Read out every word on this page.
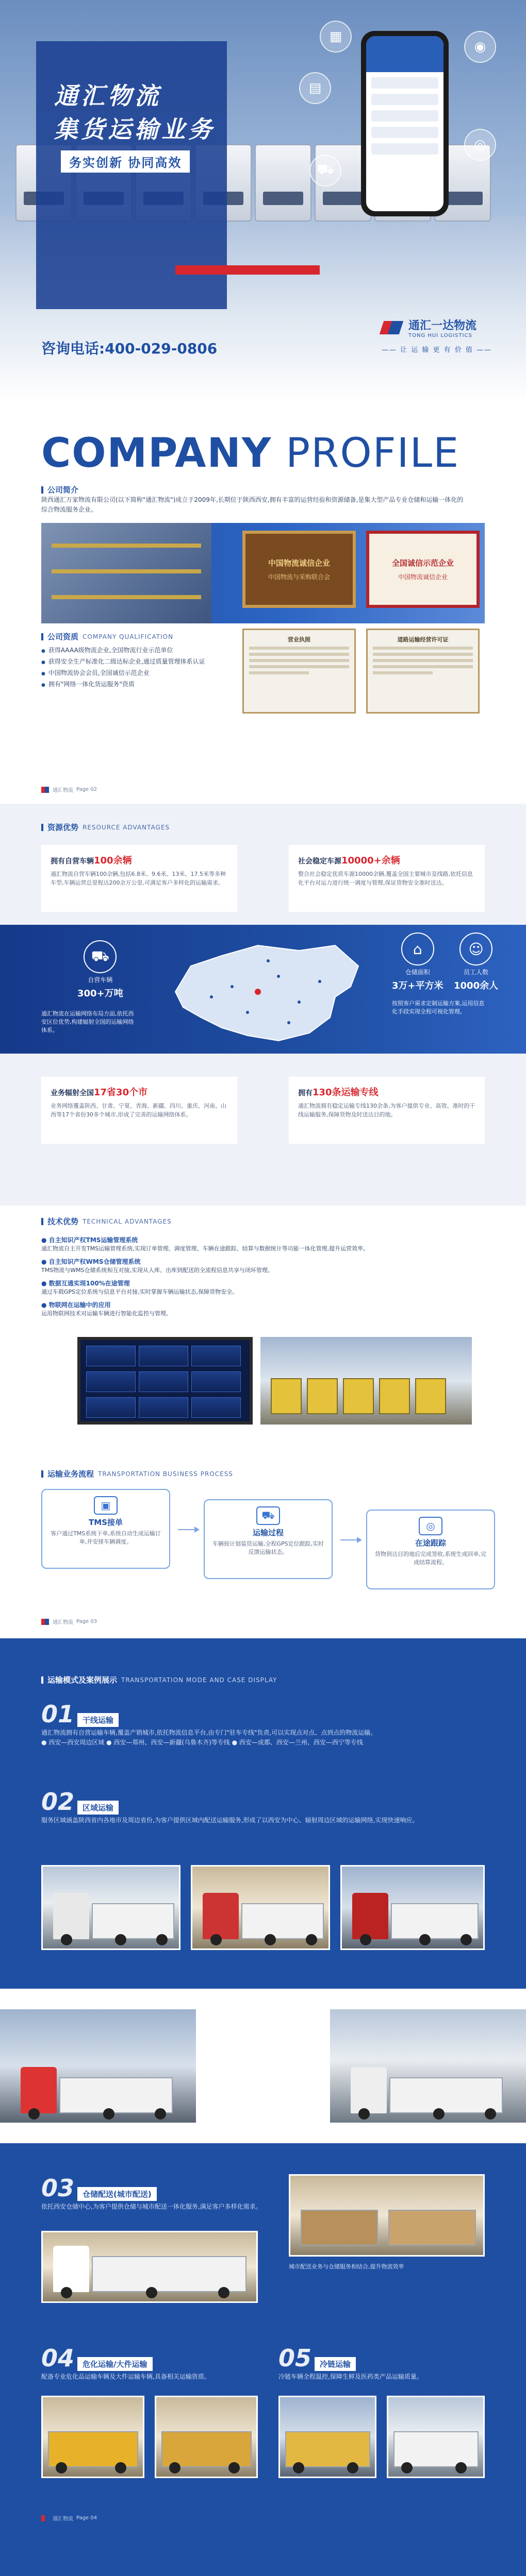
通汇物流
集货运输业务
务实创新 协同高效
▦
▤
◉
◎
⛟
咨询电话:400-029-0806
通汇一达物流
TONG HUI LOGISTICS
—— 让 运 输 更 有 价 值 ——
COMPANY PROFILE
公司简介

陕西通汇万家物流有限公司(以下简称"通汇物流")成立于2009年,长期位于陕西西安,拥有丰富的运营经验和资源储备,是集大型产品专业仓储和运输一体化的综合物流服务企业。

中国物流诚信企业
中国物流与采购联合会
全国诚信示范企业
中国物流诚信企业
营业执照	道路运输经营许可证
公司资质 COMPANY QUALIFICATION
● 获得AAAA级物流企业,全国物流行业示范单位
● 获得安全生产标准化二级达标企业,通过质量管理体系认证
● 中国物流协会会员,全国诚信示范企业
● 拥有"网络一体化货运服务"资质
通汇物流 Page 02
资源优势 RESOURCE ADVANTAGES
拥有自营车辆100余辆

通汇物流自营车辆100余辆,包括6.8米、9.6米、13米、17.5米等多种车型,车辆运营总里程达200余万公里,可满足客户多样化的运输需求。

社会稳定车源10000+余辆

整合社会稳定优质车源10000余辆,覆盖全国主要城市及线路,依托信息化平台对运力进行统一调度与管理,保证货物安全准时送达。

⛟
自营车辆
300+万吨
⌂
仓储面积
3万+平方米
☺
员工人数
1000余人
通汇物流在运输网络布局方面,依托西安区位优势,构建辐射全国的运输网络体系。
按照客户需求定制运输方案,运用信息化手段实现全程可视化管理。
业务辐射全国17省30个市

业务网络覆盖陕西、甘肃、宁夏、青海、新疆、四川、重庆、河南、山西等17个省份30多个城市,形成了完善的运输网络体系。

拥有130条运输专线

通汇物流拥有稳定运输专线130余条,为客户提供专业、高效、准时的干线运输服务,保障货物及时送达目的地。

技术优势 TECHNICAL ADVANTAGES
● 自主知识产权TMS运输管理系统

通汇物流自主开发TMS运输管理系统,实现订单管理、调度管理、车辆在途跟踪、结算与数据统计等功能一体化管理,提升运营效率。

● 自主知识产权WMS仓储管理系统

TMS物流与WMS仓储系统相互对接,实现从入库、出库到配送的全流程信息共享与闭环管理。

● 数据互通实现100%在途管理

通过车载GPS定位系统与信息平台对接,实时掌握车辆运输状态,保障货物安全。

● 物联网在运输中的应用

运用物联网技术对运输车辆进行智能化监控与管理。

运输业务流程 TRANSPORTATION BUSINESS PROCESS
▣
TMS接单

客户通过TMS系统下单,系统自动生成运输订单,并安排车辆调度。

⛟
运输过程

车辆按计划装货运输,全程GPS定位跟踪,实时反馈运输状态。

◎
在途跟踪

货物到达目的地后完成签收,系统生成回单,完成结算流程。

通汇物流 Page 03
运输模式及案例展示 TRANSPORTATION MODE AND CASE DISPLAY
01 干线运输

通汇物流拥有自营运输车辆,覆盖产销城市,依托物流信息平台,由专门"驻车专线"负责,可以实现点对点、点到点的物流运输。

● 西安—西安周边区域 ● 西安—郑州、西安—新疆(乌鲁木齐)等专线 ● 西安—成都、西安—兰州、西安—西宁等专线

02 区域运输

服务区域涵盖陕西省内各地市及周边省份,为客户提供区域内配送运输服务,形成了以西安为中心、辐射周边区域的运输网络,实现快速响应。

03 仓储配送(城市配送)

依托西安仓储中心,为客户提供仓储与城市配送一体化服务,满足客户多样化需求。

城市配送业务与仓储服务相结合,提升物流效率

04 危化运输/大件运输

配备专业危化品运输车辆及大件运输车辆,具备相关运输资质。

05 冷链运输

冷链车辆全程温控,保障生鲜及医药类产品运输质量。

通汇物流 Page 04
